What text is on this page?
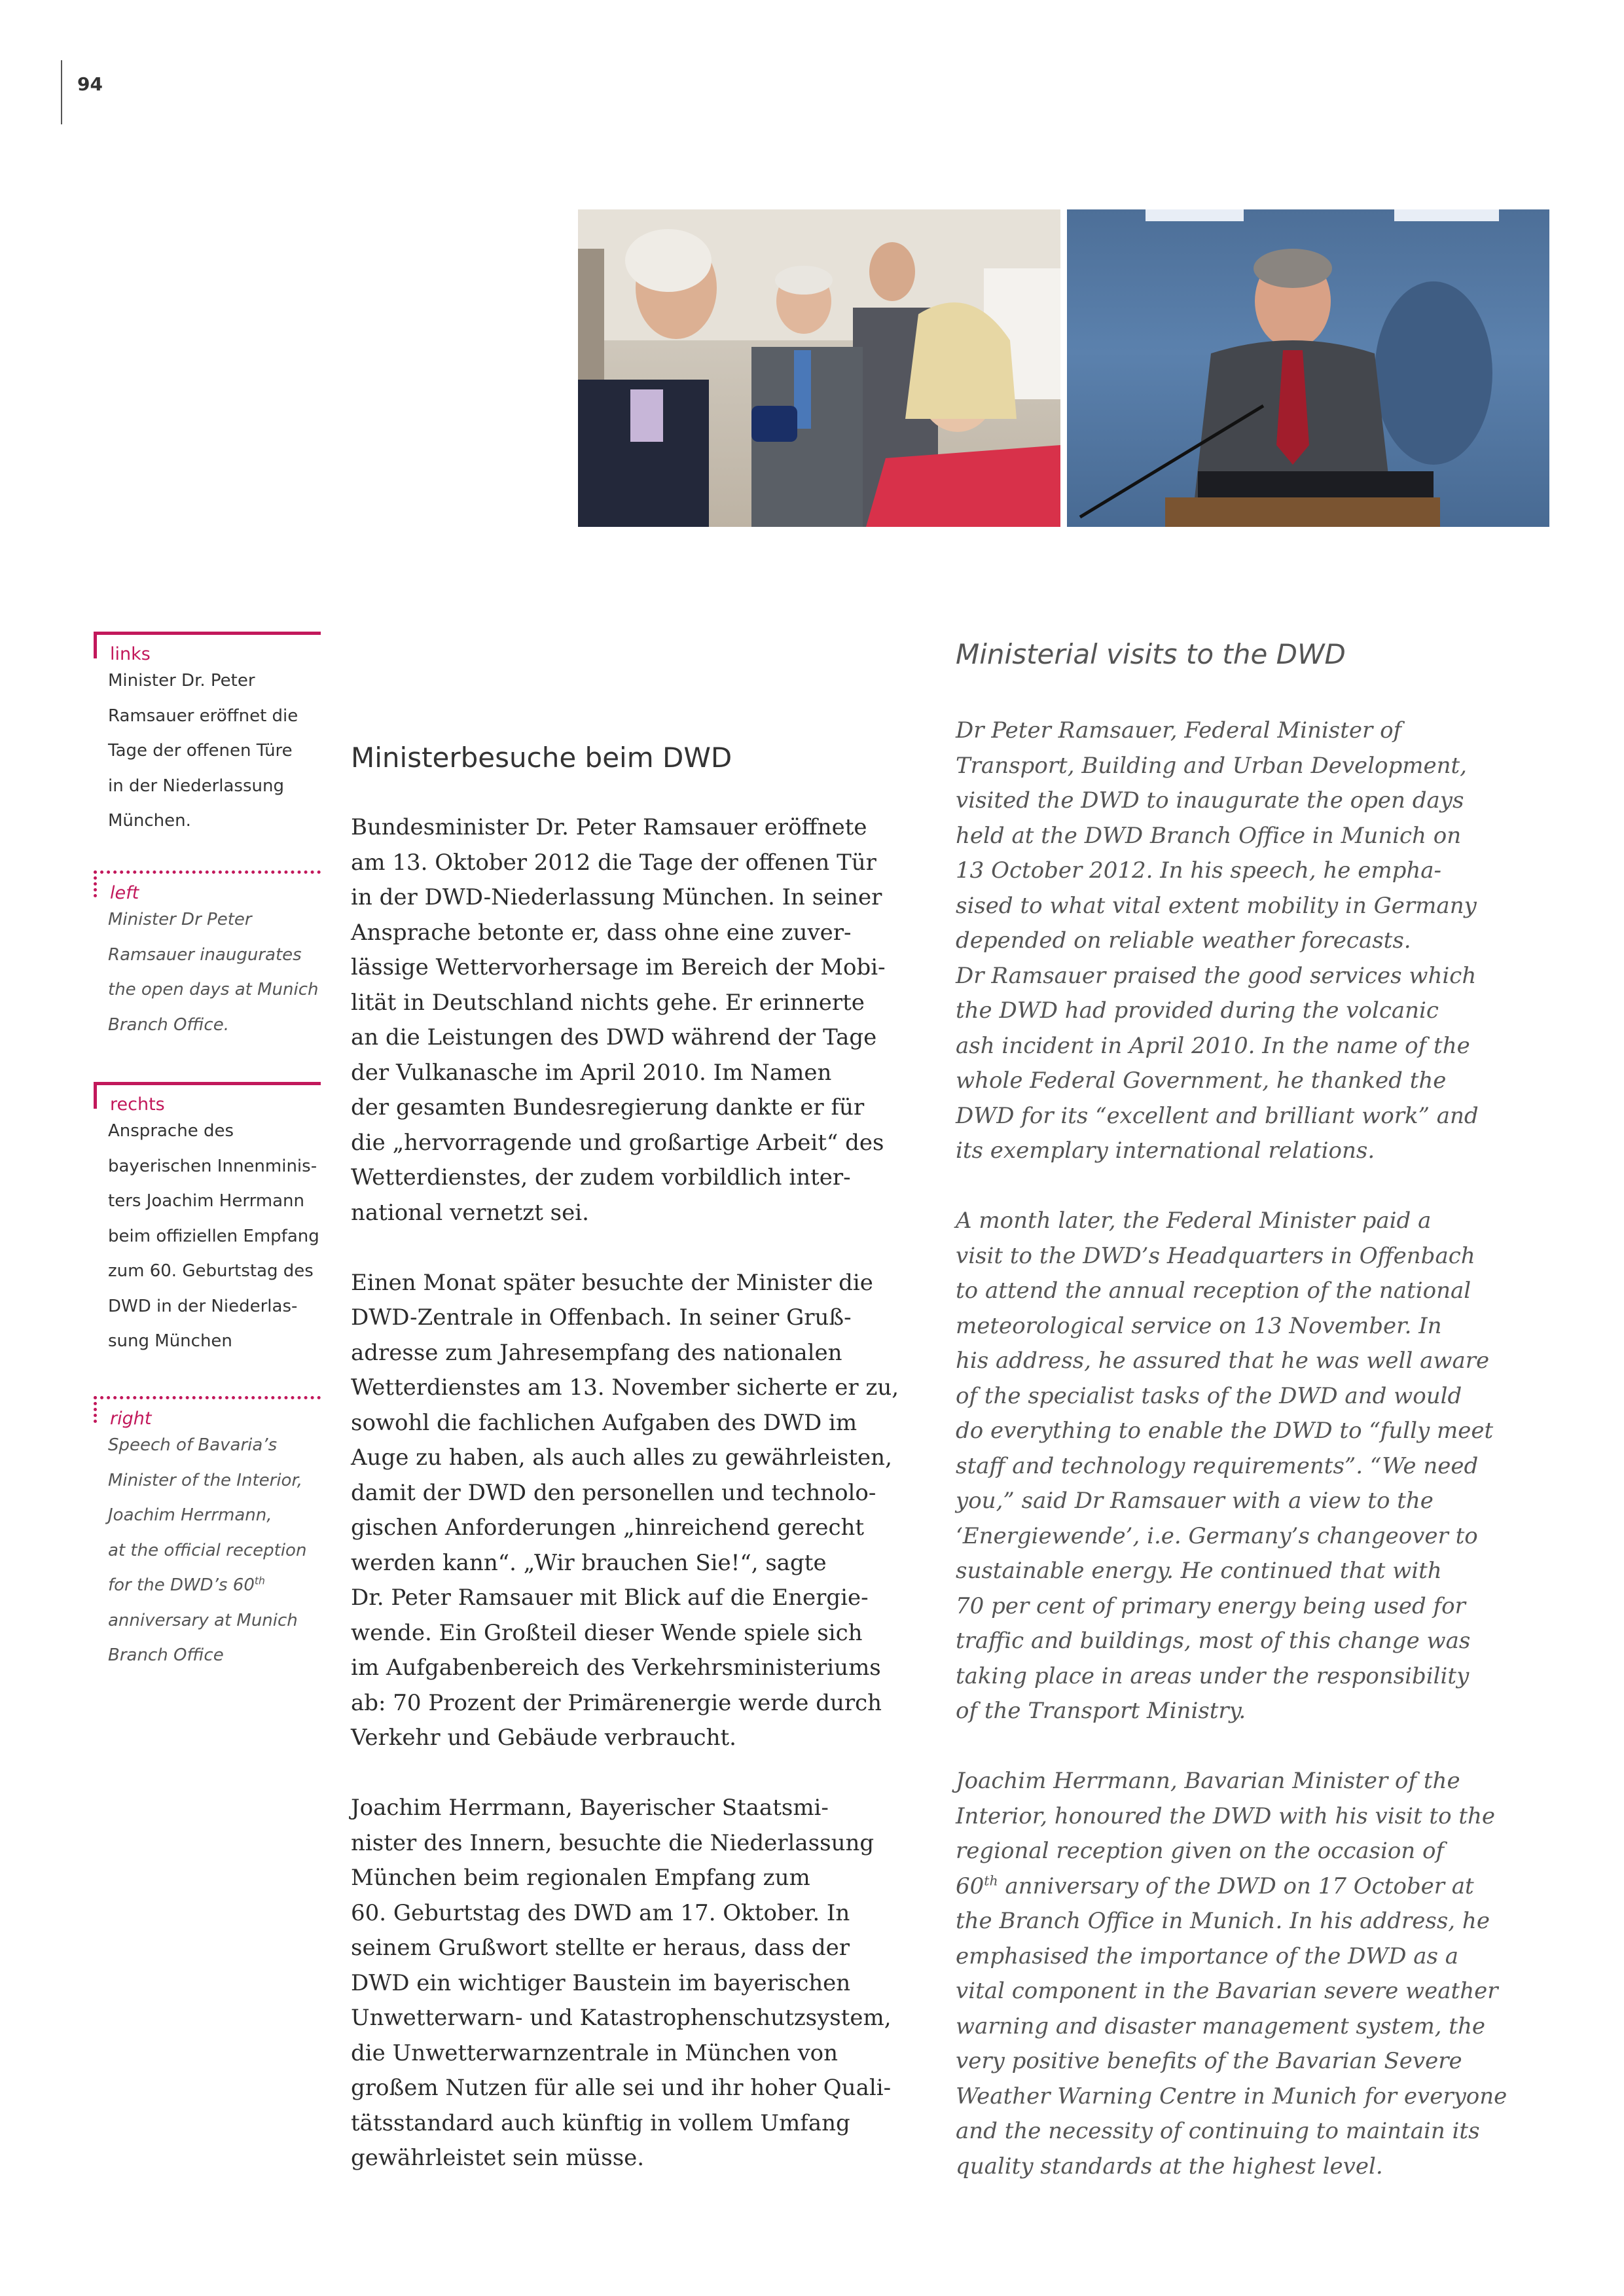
94
links
Minister Dr. Peter
Ramsauer eröffnet die
Tage der offenen Türe
in der Niederlassung
München.
left
Minister Dr Peter
Ramsauer inaugurates
the open days at Munich
Branch Office.
rechts
Ansprache des
bayerischen Innenminis-
ters Joachim Herrmann
beim offiziellen Empfang
zum 60. Geburtstag des
DWD in der Niederlas-
sung München
right
Speech of Bavaria’s
Minister of the Interior,
Joachim Herrmann,
at the official reception
for the DWD’s 60th
anniversary at Munich
Branch Office
Ministerbesuche beim DWD

Bundesminister Dr. Peter Ramsauer eröffnete
am 13. Oktober 2012 die Tage der offenen Tür
in der DWD-Niederlassung München. In seiner
Ansprache betonte er, dass ohne eine zuver-
lässige Wettervorhersage im Bereich der Mobi-
lität in Deutschland nichts gehe. Er erinnerte
an die Leistungen des DWD während der Tage
der Vulkanasche im April 2010. Im Namen
der gesamten Bundesregierung dankte er für
die „hervorragende und großartige Arbeit“ des
Wetterdienstes, der zudem vorbildlich inter-
national vernetzt sei.

Einen Monat später besuchte der Minister die
DWD-Zentrale in Offenbach. In seiner Gruß-
adresse zum Jahresempfang des nationalen
Wetterdienstes am 13. November sicherte er zu,
sowohl die fachlichen Aufgaben des DWD im
Auge zu haben, als auch alles zu gewährleisten,
damit der DWD den personellen und technolo-
gischen Anforderungen „hinreichend gerecht
werden kann“. „Wir brauchen Sie!“, sagte
Dr. Peter Ramsauer mit Blick auf die Energie-
wende. Ein Großteil dieser Wende spiele sich
im Aufgabenbereich des Verkehrsministeriums
ab: 70 Prozent der Primärenergie werde durch
Verkehr und Gebäude verbraucht.

Joachim Herrmann, Bayerischer Staatsmi-
nister des Innern, besuchte die Niederlassung
München beim regionalen Empfang zum
60. Geburtstag des DWD am 17. Oktober. In
seinem Grußwort stellte er heraus, dass der
DWD ein wichtiger Baustein im bayerischen
Unwetterwarn- und Katastrophenschutzsystem,
die Unwetterwarnzentrale in München von
großem Nutzen für alle sei und ihr hoher Quali-
tätsstandard auch künftig in vollem Umfang
gewährleistet sein müsse.

Ministerial visits to the DWD

Dr Peter Ramsauer, Federal Minister of
Transport, Building and Urban Development,
visited the DWD to inaugurate the open days
held at the DWD Branch Office in Munich on
13 October 2012. In his speech, he empha-
sised to what vital extent mobility in Germany
depended on reliable weather forecasts.
Dr Ramsauer praised the good services which
the DWD had provided during the volcanic
ash incident in April 2010. In the name of the
whole Federal Government, he thanked the
DWD for its “excellent and brilliant work” and
its exemplary international relations.

A month later, the Federal Minister paid a
visit to the DWD’s Headquarters in Offenbach
to attend the annual reception of the national
meteorological service on 13 November. In
his address, he assured that he was well aware
of the specialist tasks of the DWD and would
do everything to enable the DWD to “fully meet
staff and technology requirements”. “We need
you,” said Dr Ramsauer with a view to the
‘Energiewende’, i.e. Germany’s changeover to
sustainable energy. He continued that with
70 per cent of primary energy being used for
traffic and buildings, most of this change was
taking place in areas under the responsibility
of the Transport Ministry.

Joachim Herrmann, Bavarian Minister of the
Interior, honoured the DWD with his visit to the
regional reception given on the occasion of
60th anniversary of the DWD on 17 October at
the Branch Office in Munich. In his address, he
emphasised the importance of the DWD as a
vital component in the Bavarian severe weather
warning and disaster management system, the
very positive benefits of the Bavarian Severe
Weather Warning Centre in Munich for everyone
and the necessity of continuing to maintain its
quality standards at the highest level.
